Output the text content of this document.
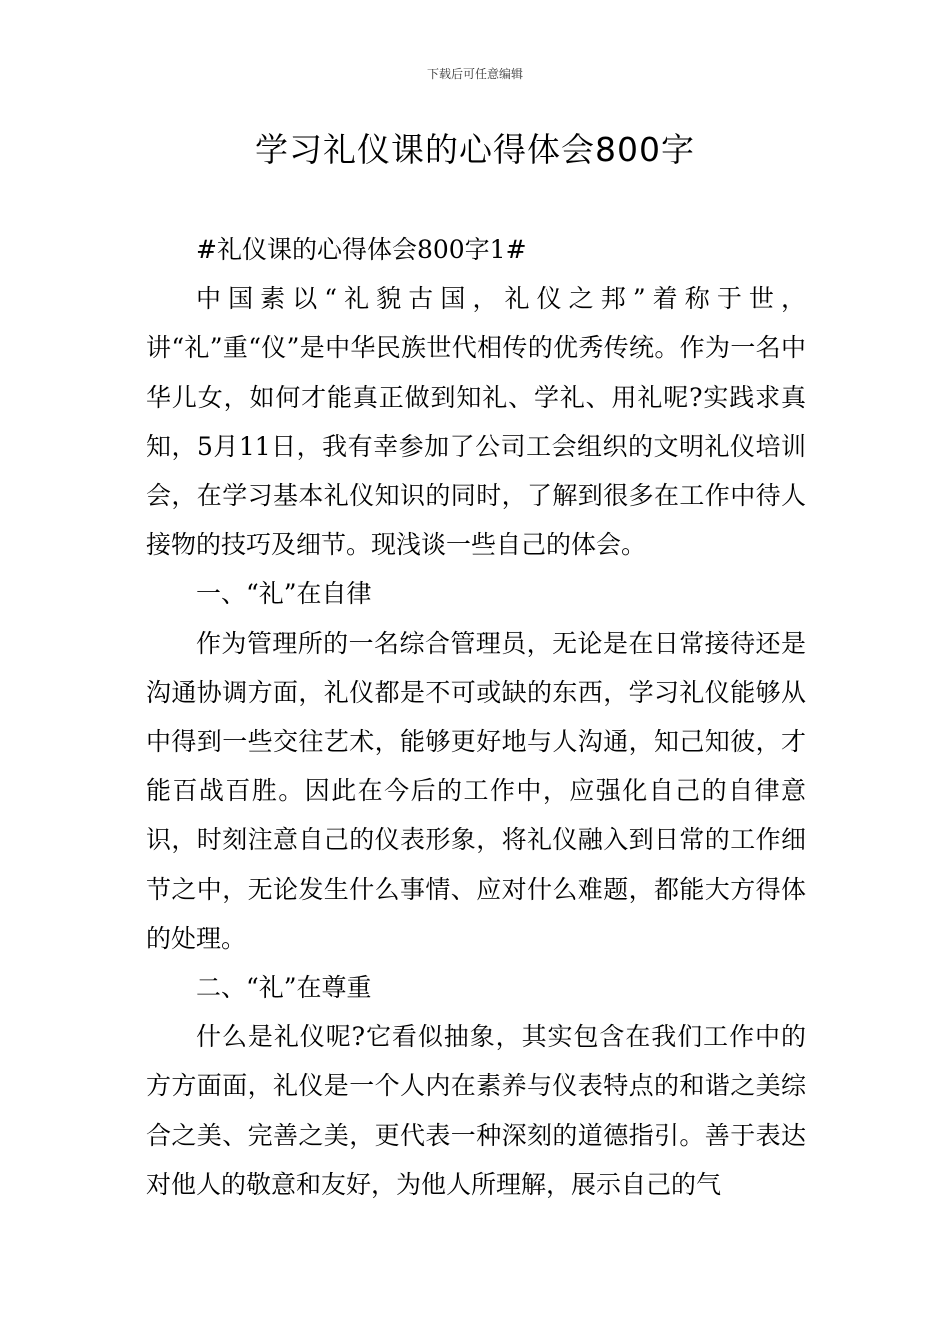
下载后可任意编辑
学习礼仪课的心得体会800字

#礼仪课的心得体会800字1#

中国素以“礼貌古国，礼仪之邦”着称于世，讲“礼”重“仪”是中华民族世代相传的优秀传统。作为一名中华儿女，如何才能真正做到知礼、学礼、用礼呢?实践求真知，5月11日，我有幸参加了公司工会组织的文明礼仪培训会，在学习基本礼仪知识的同时，了解到很多在工作中待人接物的技巧及细节。现浅谈一些自己的体会。

一、“礼”在自律

作为管理所的一名综合管理员，无论是在日常接待还是沟通协调方面，礼仪都是不可或缺的东西，学习礼仪能够从中得到一些交往艺术，能够更好地与人沟通，知己知彼，才能百战百胜。因此在今后的工作中，应强化自己的自律意识，时刻注意自己的仪表形象，将礼仪融入到日常的工作细节之中，无论发生什么事情、应对什么难题，都能大方得体的处理。

二、“礼”在尊重

什么是礼仪呢?它看似抽象，其实包含在我们工作中的方方面面，礼仪是一个人内在素养与仪表特点的和谐之美综合之美、完善之美，更代表一种深刻的道德指引。善于表达对他人的敬意和友好，为他人所理解，展示自己的气
